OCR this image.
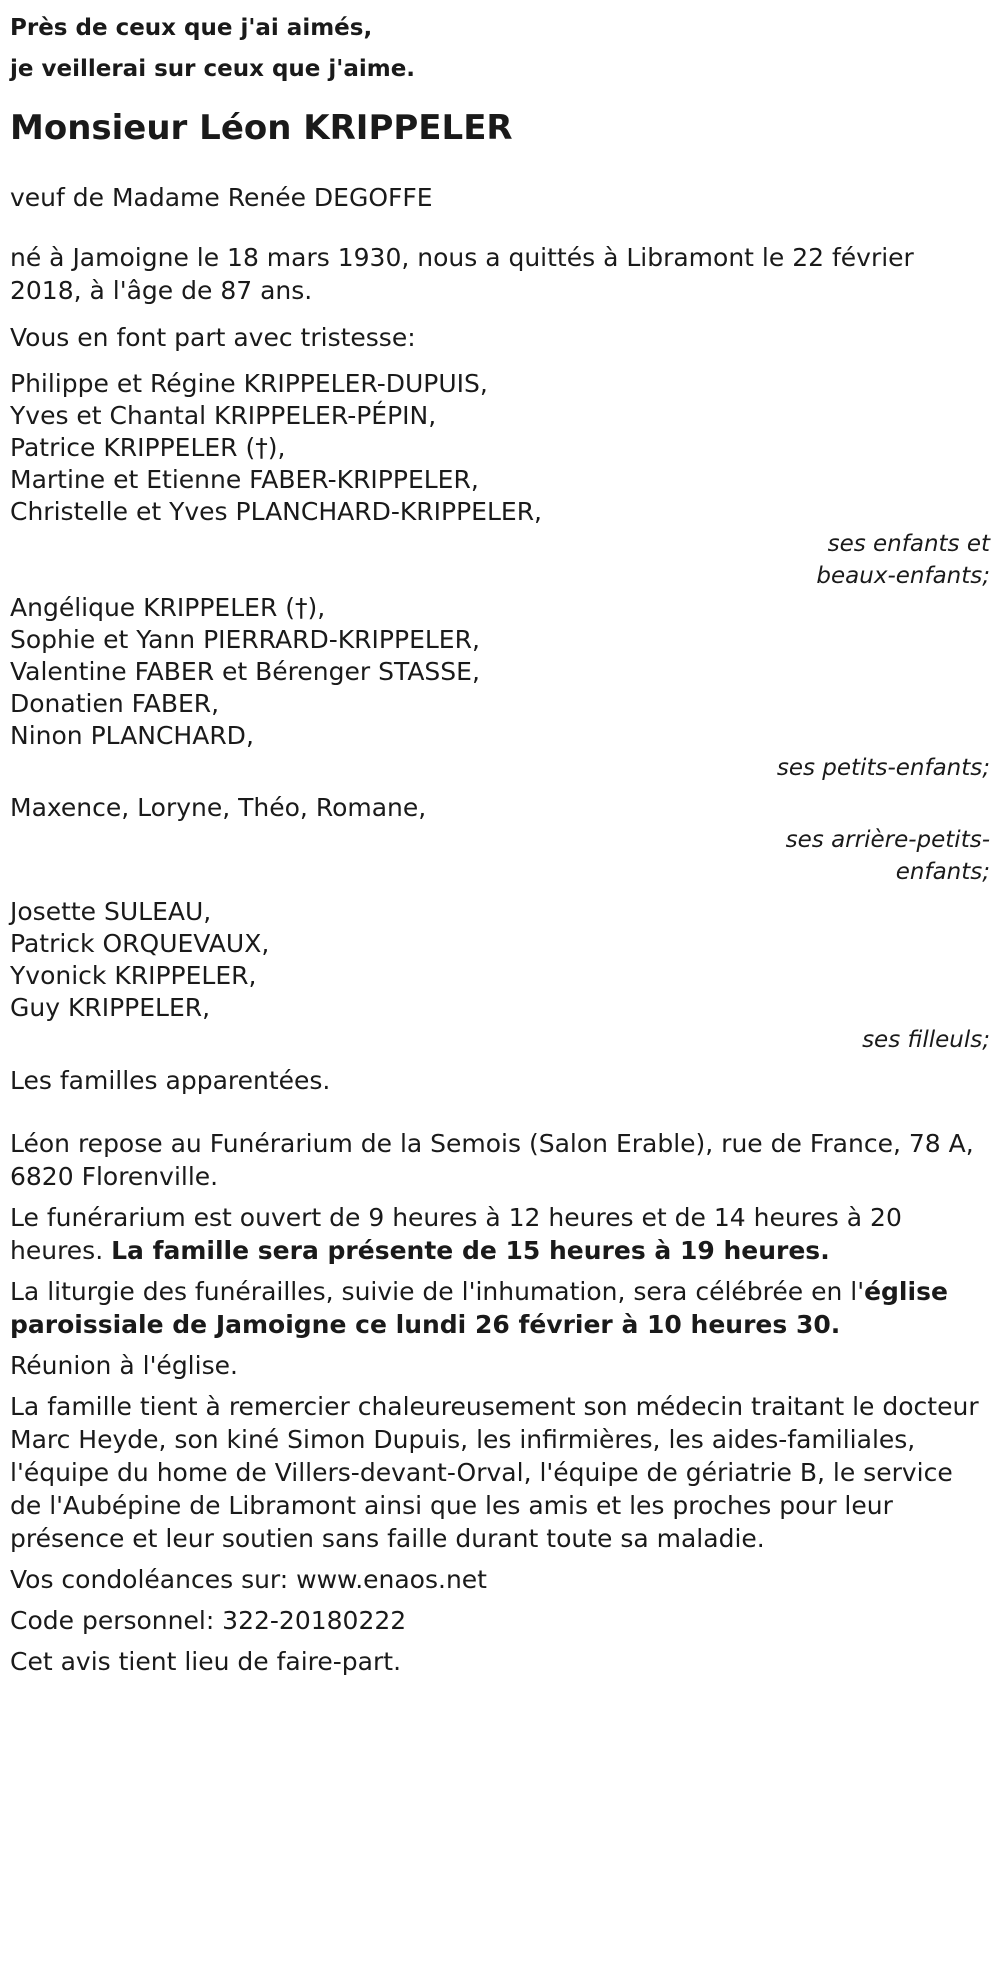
Près de ceux que j'ai aimés,
je veillerai sur ceux que j'aime.
Monsieur Léon KRIPPELER

veuf de Madame Renée DEGOFFE

né à Jamoigne le 18 mars 1930, nous a quittés à Libramont le 22 février 2018, à l'âge de 87 ans.

Vous en font part avec tristesse:

Philippe et Régine KRIPPELER-DUPUIS,

Yves et Chantal KRIPPELER-PÉPIN,

Patrice KRIPPELER (†),

Martine et Etienne FABER-KRIPPELER,

Christelle et Yves PLANCHARD-KRIPPELER,

ses enfants et
beaux-enfants;

Angélique KRIPPELER (†),

Sophie et Yann PIERRARD-KRIPPELER,

Valentine FABER et Bérenger STASSE,

Donatien FABER,

Ninon PLANCHARD,

ses petits-enfants;

Maxence, Loryne, Théo, Romane,

ses arrière-petits-
enfants;

Josette SULEAU,

Patrick ORQUEVAUX,

Yvonick KRIPPELER,

Guy KRIPPELER,

ses filleuls;

Les familles apparentées.

Léon repose au Funérarium de la Semois (Salon Erable), rue de France, 78 A, 6820 Florenville.

Le funérarium est ouvert de 9 heures à 12 heures et de 14 heures à 20 heures. La famille sera présente de 15 heures à 19 heures.

La liturgie des funérailles, suivie de l'inhumation, sera célébrée en l'église paroissiale de Jamoigne ce lundi 26 février à 10 heures 30.

Réunion à l'église.

La famille tient à remercier chaleureusement son médecin traitant le docteur Marc Heyde, son kiné Simon Dupuis, les infirmières, les aides-familiales, l'équipe du home de Villers-devant-Orval, l'équipe de gériatrie B, le service de l'Aubépine de Libramont ainsi que les amis et les proches pour leur présence et leur soutien sans faille durant toute sa maladie.

Vos condoléances sur: www.enaos.net

Code personnel: 322-20180222

Cet avis tient lieu de faire-part.
